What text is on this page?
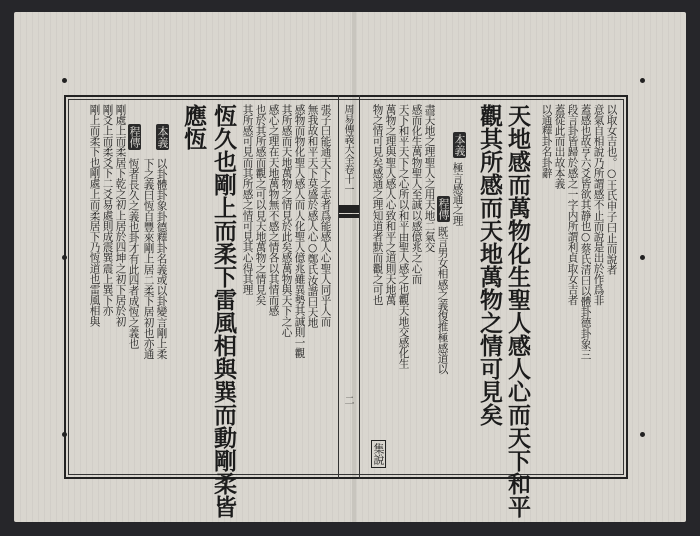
周易傳義大全卷十一
二
以取女吉也。○王氏申子曰止而說者
意氣自相說乃所謂感不止而說是出於作爲非
蓋感也故亨六爻皆欲其静也○蔡氏清曰以體卦德卦象三
段言卦皆歸於感之一字内所謂利貞取女吉者
蓋從此而出故本義
以通釋卦名卦辭
天地感而萬物化生聖人感人心而天下和平
觀其所感而天地萬物之情可見矣
本義
極言感通之理
程傳
既言男女相感之義復推極感道以
盡天地之理聖人之用天地二氣交
感而化生萬物聖人至誠以感億兆之心而
天下和平天下之心所以和平由聖人感之也觀天地交感化生
萬物之理與聖人感人心致和平之道則天地萬
物之情可見矣感通之理知道者默而觀之可也
集說
張子曰能通天下之志者爲能感人心聖人同乎人而
無我故和平天下莫盛於感人心○鄭氏汝諧曰天地
感物而物化聖人感人而人化聖人億兆雖異勢其誠則一觀
其所感而天地萬物之情見於此矣感萬物與天下之心
感心之理在天地萬物無不感之情各以其情而感
也於其所感而觀之可以見天地萬物之情見矣
其所感可見而其所感之情可見其心得其理
恆久也剛上而柔下雷風相與巽而動剛柔皆
應恆
本義
以卦體卦象卦德釋卦名義或以卦變言剛上柔
下之義曰恆自豐來剛上居二柔下居初也亦通
程傳
恆者長久之義也卦才有此四者成恆之義也
剛處上而柔居下乾之初上居於四坤之初下居於初
剛爻上而柔爻下二爻易處則成震巽震上巽下亦
剛上而柔下也剛處上而柔居下乃恆道也雷風相與
